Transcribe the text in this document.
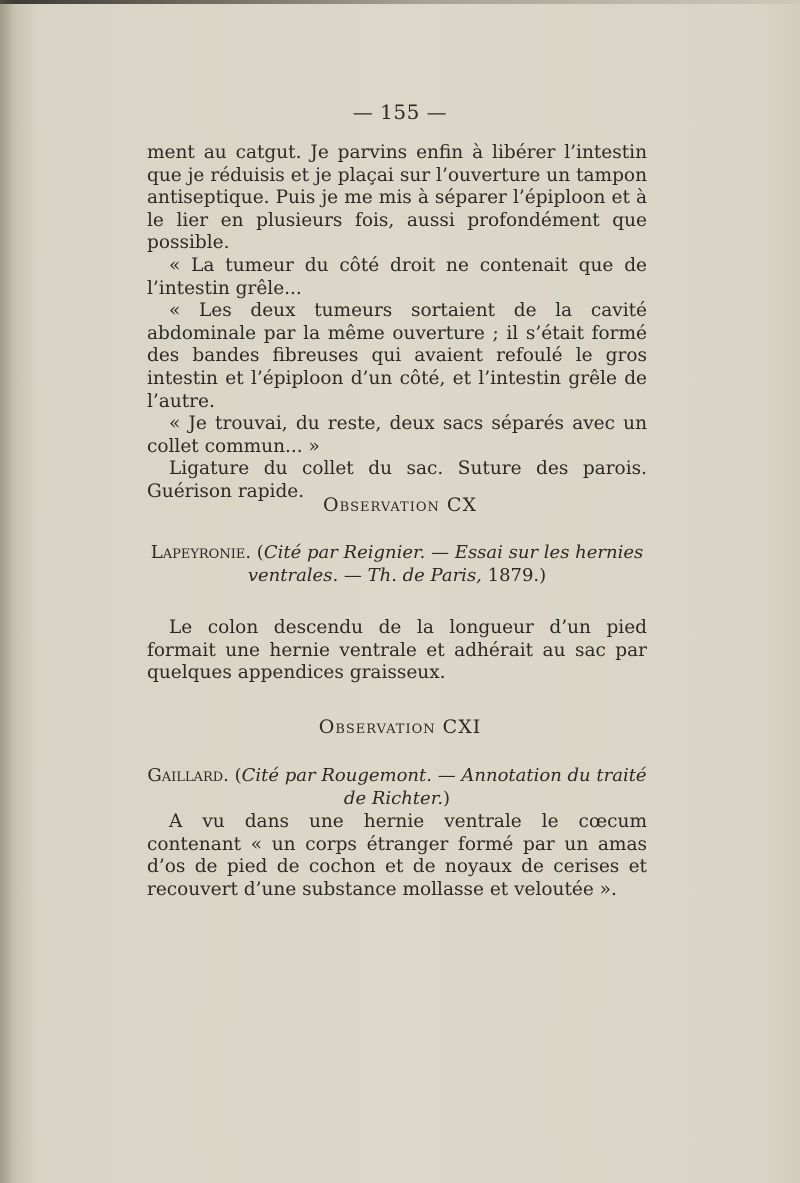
— 155 —

ment au catgut. Je parvins enfin à libérer l’intestin que je réduisis et je plaçai sur l’ouverture un tampon antiseptique. Puis je me mis à séparer l’épiploon et à le lier en plusieurs fois, aussi profondément que possible.

« La tumeur du côté droit ne contenait que de l’intestin grêle...

« Les deux tumeurs sortaient de la cavité abdominale par la même ouverture ; il s’était formé des bandes fibreuses qui avaient refoulé le gros intestin et l’épiploon d’un côté, et l’intestin grêle de l’autre.

« Je trouvai, du reste, deux sacs séparés avec un collet commun... »

Ligature du collet du sac. Suture des parois. Guérison rapide.

Observation CX
Lapeyronie. (Cité par Reignier. — Essai sur les hernies ventrales. — Th. de Paris, 1879.)

Le colon descendu de la longueur d’un pied formait une hernie ventrale et adhérait au sac par quelques appendices graisseux.

Observation CXI
Gaillard. (Cité par Rougemont. — Annotation du traité de Richter.)

A vu dans une hernie ventrale le cœcum contenant « un corps étranger formé par un amas d’os de pied de cochon et de noyaux de cerises et recouvert d’une substance mollasse et veloutée ».
